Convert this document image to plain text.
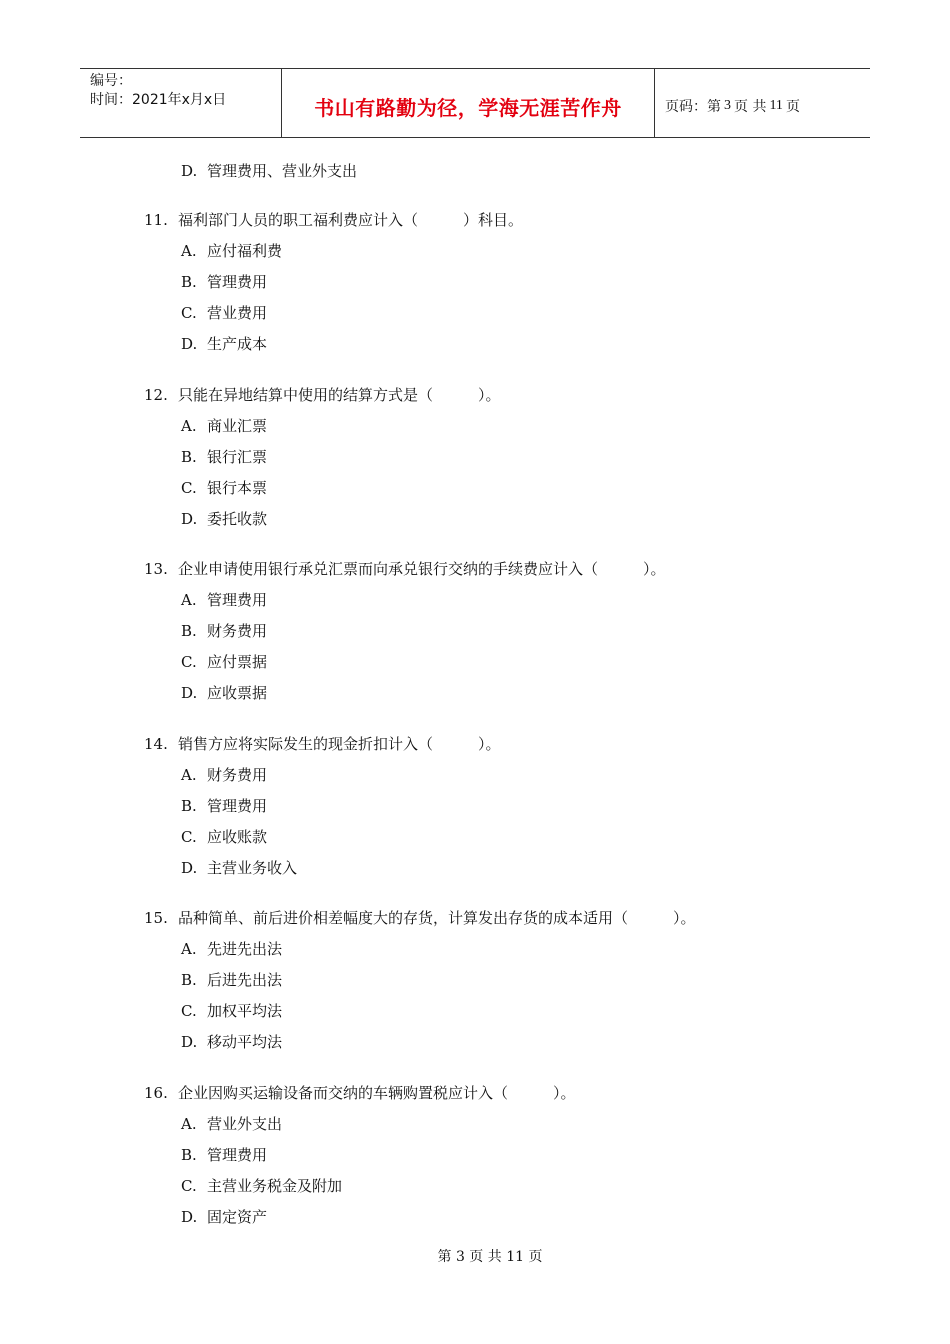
编号：
时间：2021年x月x日	书山有路勤为径，学海无涯苦作舟	页码：第 3 页 共 11 页
D. 管理费用、营业外支出
11. 福利部门人员的职工福利费应计入（　　　）科目。
A. 应付福利费
B. 管理费用
C. 营业费用
D. 生产成本
12. 只能在异地结算中使用的结算方式是（　　　）。
A. 商业汇票
B. 银行汇票
C. 银行本票
D. 委托收款
13. 企业申请使用银行承兑汇票而向承兑银行交纳的手续费应计入（　　　）。
A. 管理费用
B. 财务费用
C. 应付票据
D. 应收票据
14. 销售方应将实际发生的现金折扣计入（　　　）。
A. 财务费用
B. 管理费用
C. 应收账款
D. 主营业务收入
15. 品种简单、前后进价相差幅度大的存货，计算发出存货的成本适用（　　　）。
A. 先进先出法
B. 后进先出法
C. 加权平均法
D. 移动平均法
16. 企业因购买运输设备而交纳的车辆购置税应计入（　　　）。
A. 营业外支出
B. 管理费用
C. 主营业务税金及附加
D. 固定资产
第 3 页 共 11 页
